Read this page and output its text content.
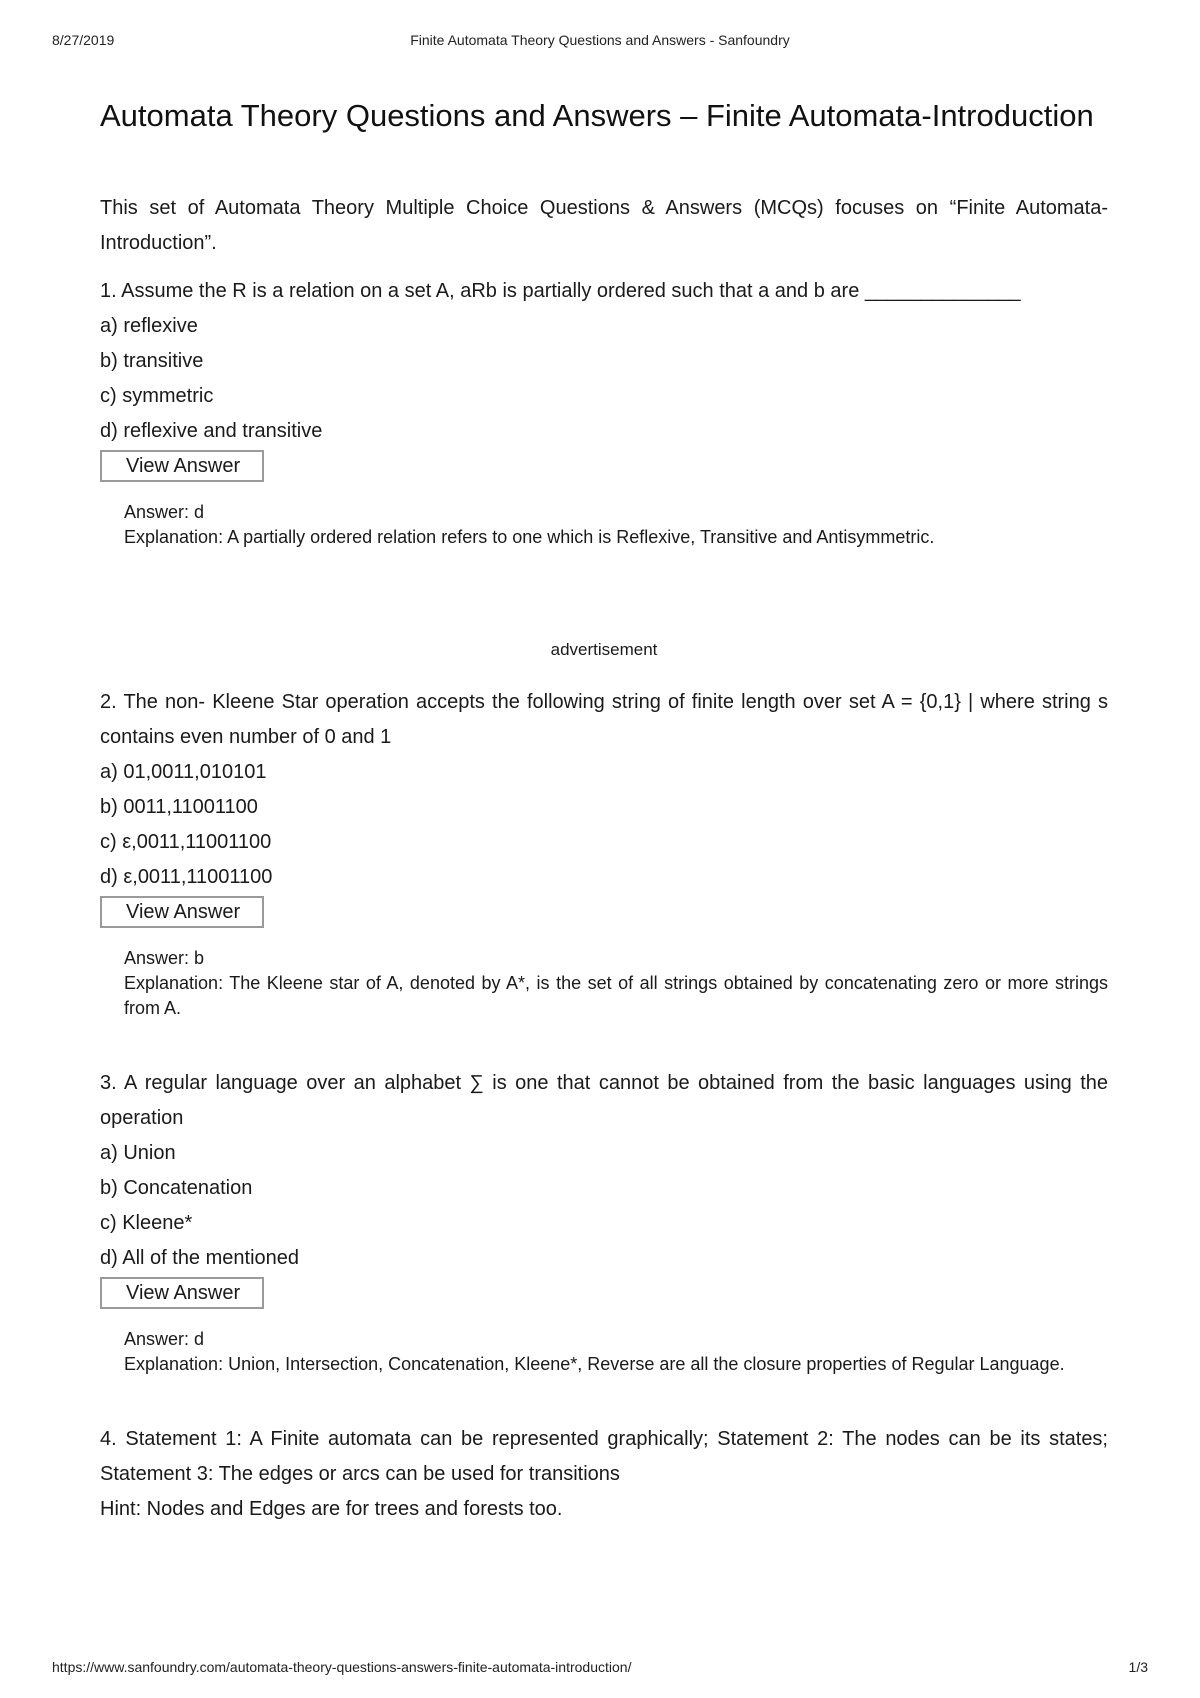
8/27/2019	Finite Automata Theory Questions and Answers - Sanfoundry
Automata Theory Questions and Answers – Finite Automata-Introduction

This set of Automata Theory Multiple Choice Questions & Answers (MCQs) focuses on “Finite Automata-Introduction”.

1. Assume the R is a relation on a set A, aRb is partially ordered such that a and b are ______________

a) reflexive

b) transitive

c) symmetric

d) reflexive and transitive

View Answer

Answer: d

Explanation: A partially ordered relation refers to one which is Reflexive, Transitive and Antisymmetric.

advertisement

2. The non- Kleene Star operation accepts the following string of finite length over set A = {0,1} | where string s contains even number of 0 and 1

a) 01,0011,010101

b) 0011,11001100

c) ε,0011,11001100

d) ε,0011,11001100

View Answer

Answer: b

Explanation: The Kleene star of A, denoted by A*, is the set of all strings obtained by concatenating zero or more strings from A.

3. A regular language over an alphabet ∑ is one that cannot be obtained from the basic languages using the operation

a) Union

b) Concatenation

c) Kleene*

d) All of the mentioned

View Answer

Answer: d

Explanation: Union, Intersection, Concatenation, Kleene*, Reverse are all the closure properties of Regular Language.

4. Statement 1: A Finite automata can be represented graphically; Statement 2: The nodes can be its states; Statement 3: The edges or arcs can be used for transitions

Hint: Nodes and Edges are for trees and forests too.

https://www.sanfoundry.com/automata-theory-questions-answers-finite-automata-introduction/	1/3
